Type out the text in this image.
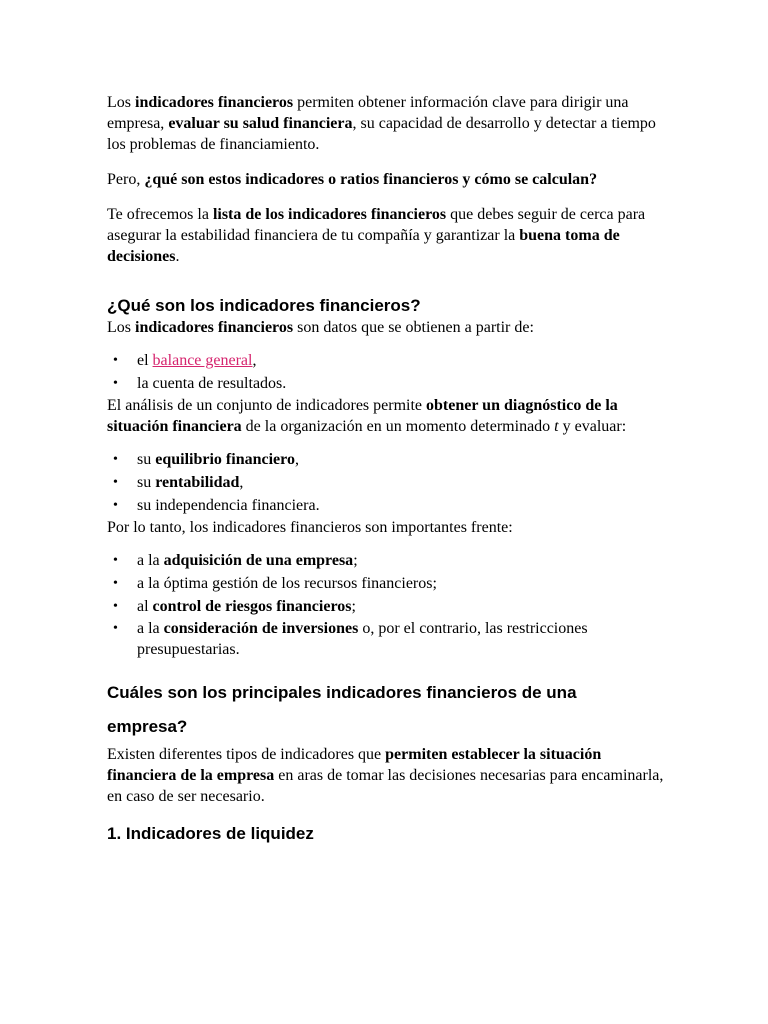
Los indicadores financieros permiten obtener información clave para dirigir una empresa, evaluar su salud financiera, su capacidad de desarrollo y detectar a tiempo los problemas de financiamiento.

Pero, ¿qué son estos indicadores o ratios financieros y cómo se calculan?

Te ofrecemos la lista de los indicadores financieros que debes seguir de cerca para asegurar la estabilidad financiera de tu compañía y garantizar la buena toma de decisiones.

¿Qué son los indicadores financieros?

Los indicadores financieros son datos que se obtienen a partir de:

• el balance general,
• la cuenta de resultados.

El análisis de un conjunto de indicadores permite obtener un diagnóstico de la situación financiera de la organización en un momento determinado t y evaluar:

• su equilibrio financiero,
• su rentabilidad,
• su independencia financiera.

Por lo tanto, los indicadores financieros son importantes frente:

• a la adquisición de una empresa;
• a la óptima gestión de los recursos financieros;
• al control de riesgos financieros;
• a la consideración de inversiones o, por el contrario, las restricciones presupuestarias.
Cuáles son los principales indicadores financieros de una
empresa?

Existen diferentes tipos de indicadores que permiten establecer la situación financiera de la empresa en aras de tomar las decisiones necesarias para encaminarla, en caso de ser necesario.

1. Indicadores de liquidez
